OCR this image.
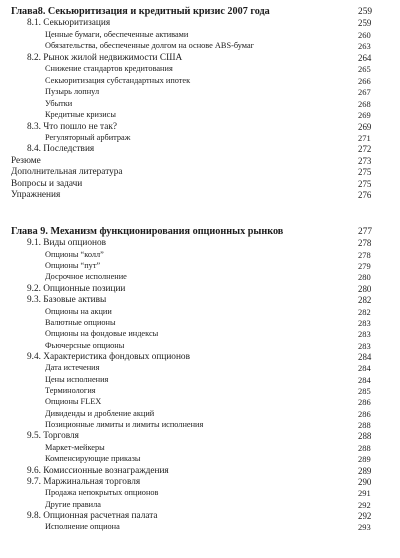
Глава8. Секьюритизация и кредитный кризис 2007 года	259
8.1. Секьюритизация	259
Ценные бумаги, обеспеченные активами	260
Обязательства, обеспеченные долгом на основе ABS-бумаг	263
8.2. Рынок жилой недвижимости США	264
Снижение стандартов кредитования	265
Секьюритизация субстандартных ипотек	266
Пузырь лопнул	267
Убытки	268
Кредитные кризисы	269
8.3. Что пошло не так?	269
Регуляторный арбитраж	271
8.4. Последствия	272
Резюме	273
Дополнительная литература	275
Вопросы и задачи	275
Упражнения	276
Глава 9. Механизм функционирования опционных рынков	277
9.1. Виды опционов	278
Опционы “колл”	278
Опционы “пут”	279
Досрочное исполнение	280
9.2. Опционные позиции	280
9.3. Базовые активы	282
Опционы на акции	282
Валютные опционы	283
Опционы на фондовые индексы	283
Фьючерсные опционы	283
9.4. Характеристика фондовых опционов	284
Дата истечения	284
Цены исполнения	284
Терминология	285
Опционы FLEX	286
Дивиденды и дробление акций	286
Позиционные лимиты и лимиты исполнения	288
9.5. Торговля	288
Маркет-мейкеры	288
Компенсирующие приказы	289
9.6. Комиссионные вознаграждения	289
9.7. Маржинальная торговля	290
Продажа непокрытых опционов	291
Другие правила	292
9.8. Опционная расчетная палата	292
Исполнение опциона	293
